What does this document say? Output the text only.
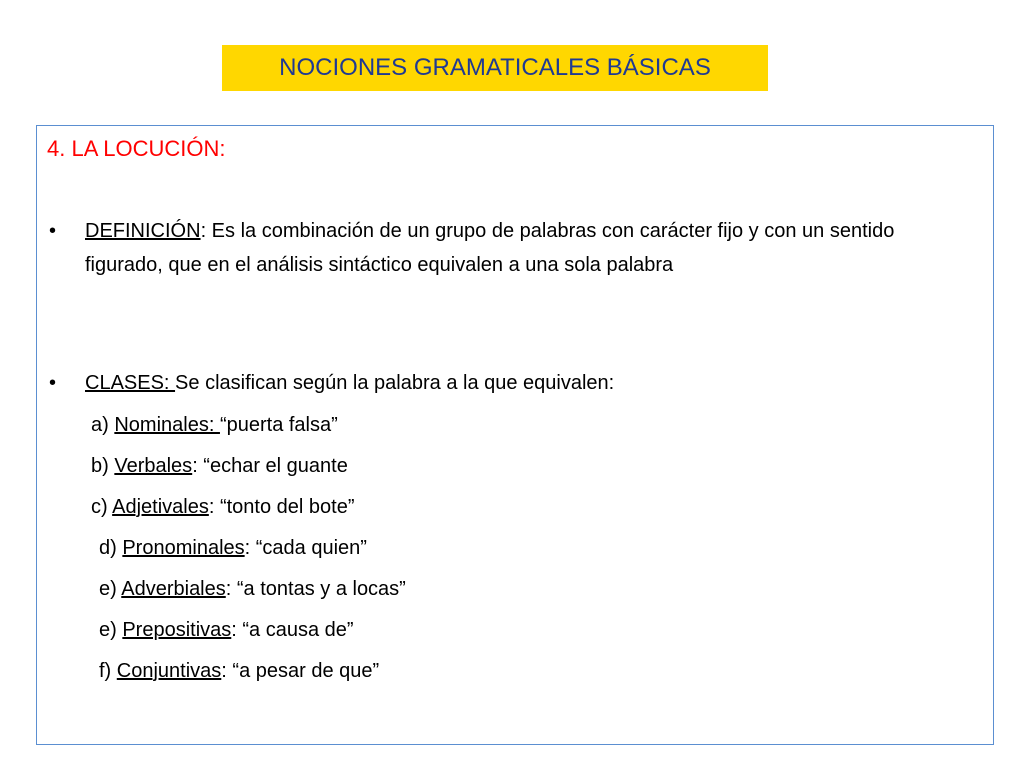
NOCIONES GRAMATICALES BÁSICAS
4. LA LOCUCIÓN:
• DEFINICIÓN: Es la combinación de un grupo de palabras con carácter fijo y con un sentido figurado, que en el análisis sintáctico equivalen a una sola palabra
• CLASES: Se clasifican según la palabra a la que equivalen:
a) Nominales: “puerta falsa”
b) Verbales: “echar el guante
c) Adjetivales: “tonto del bote”
d) Pronominales: “cada quien”
e) Adverbiales: “a tontas y a locas”
e) Prepositivas: “a causa de”
f) Conjuntivas: “a pesar de que”
